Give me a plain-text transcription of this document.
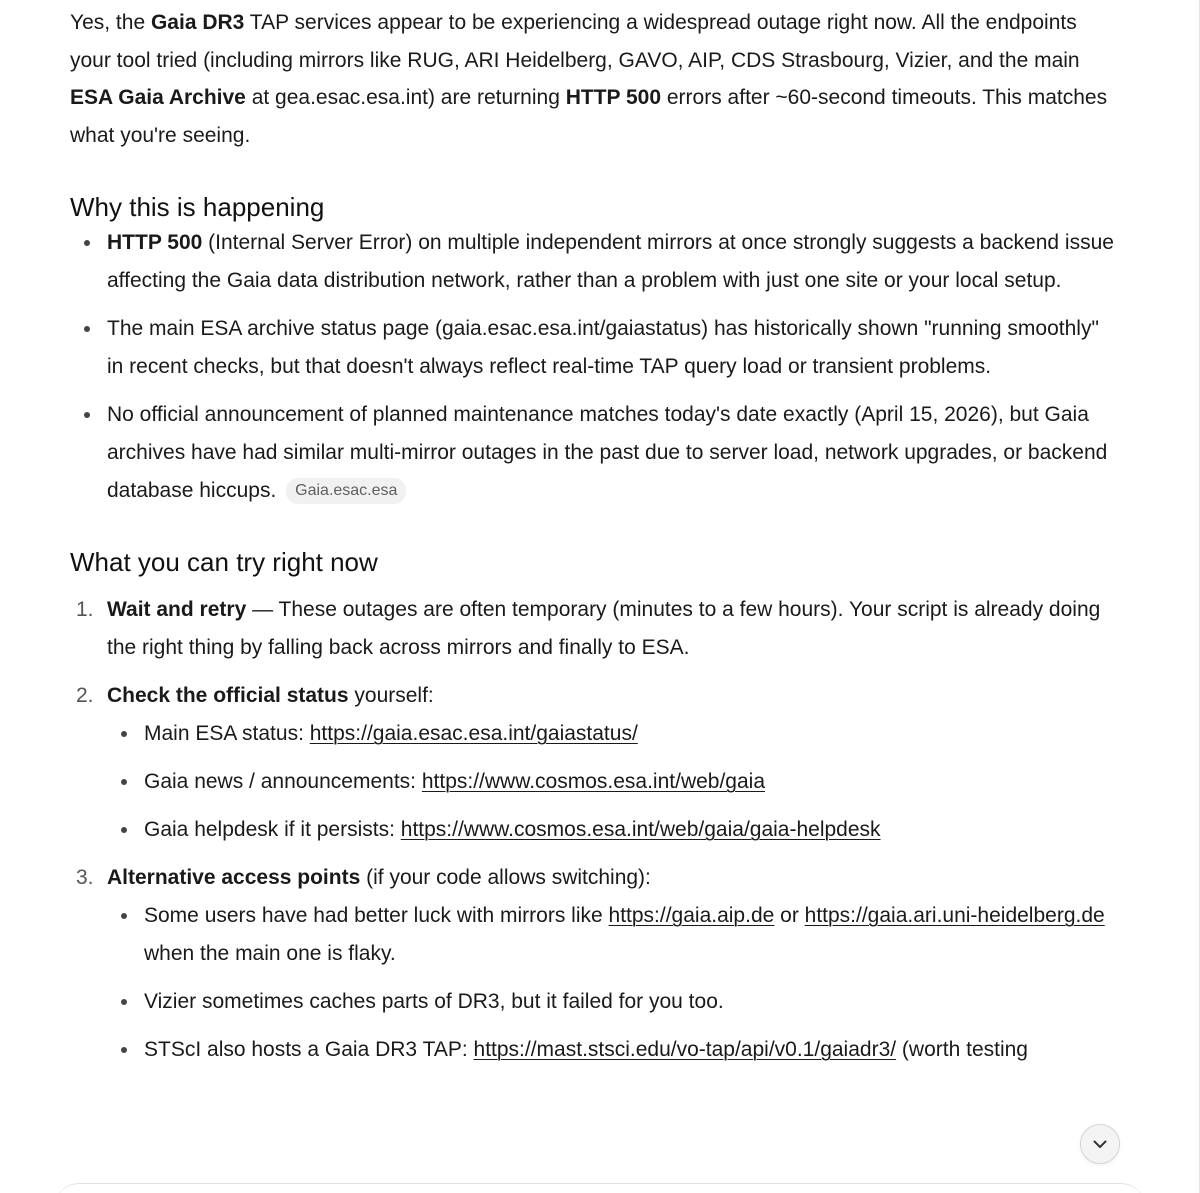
Yes, the Gaia DR3 TAP services appear to be experiencing a widespread outage right now. All the endpoints your tool tried (including mirrors like RUG, ARI Heidelberg, GAVO, AIP, CDS Strasbourg, Vizier, and the main ESA Gaia Archive at gea.esac.esa.int) are returning HTTP 500 errors after ~60-second timeouts. This matches what you're seeing.

Why this is happening
HTTP 500 (Internal Server Error) on multiple independent mirrors at once strongly suggests a backend issue affecting the Gaia data distribution network, rather than a problem with just one site or your local setup.
The main ESA archive status page (gaia.esac.esa.int/gaiastatus) has historically shown "running smoothly" in recent checks, but that doesn't always reflect real-time TAP query load or transient problems.
No official announcement of planned maintenance matches today's date exactly (April 15, 2026), but Gaia archives have had similar multi-mirror outages in the past due to server load, network upgrades, or backend database hiccups. Gaia.esac.esa
What you can try right now
1. Wait and retry — These outages are often temporary (minutes to a few hours). Your script is already doing the right thing by falling back across mirrors and finally to ESA.
2. Check the official status yourself:
Main ESA status: https://gaia.esac.esa.int/gaiastatus/
Gaia news / announcements: https://www.cosmos.esa.int/web/gaia
Gaia helpdesk if it persists: https://www.cosmos.esa.int/web/gaia/gaia-helpdesk
3. Alternative access points (if your code allows switching):
Some users have had better luck with mirrors like https://gaia.aip.de or https://gaia.ari.uni-heidelberg.de when the main one is flaky.
Vizier sometimes caches parts of DR3, but it failed for you too.
STScI also hosts a Gaia DR3 TAP: https://mast.stsci.edu/vo-tap/api/v0.1/gaiadr3/ (worth testing
